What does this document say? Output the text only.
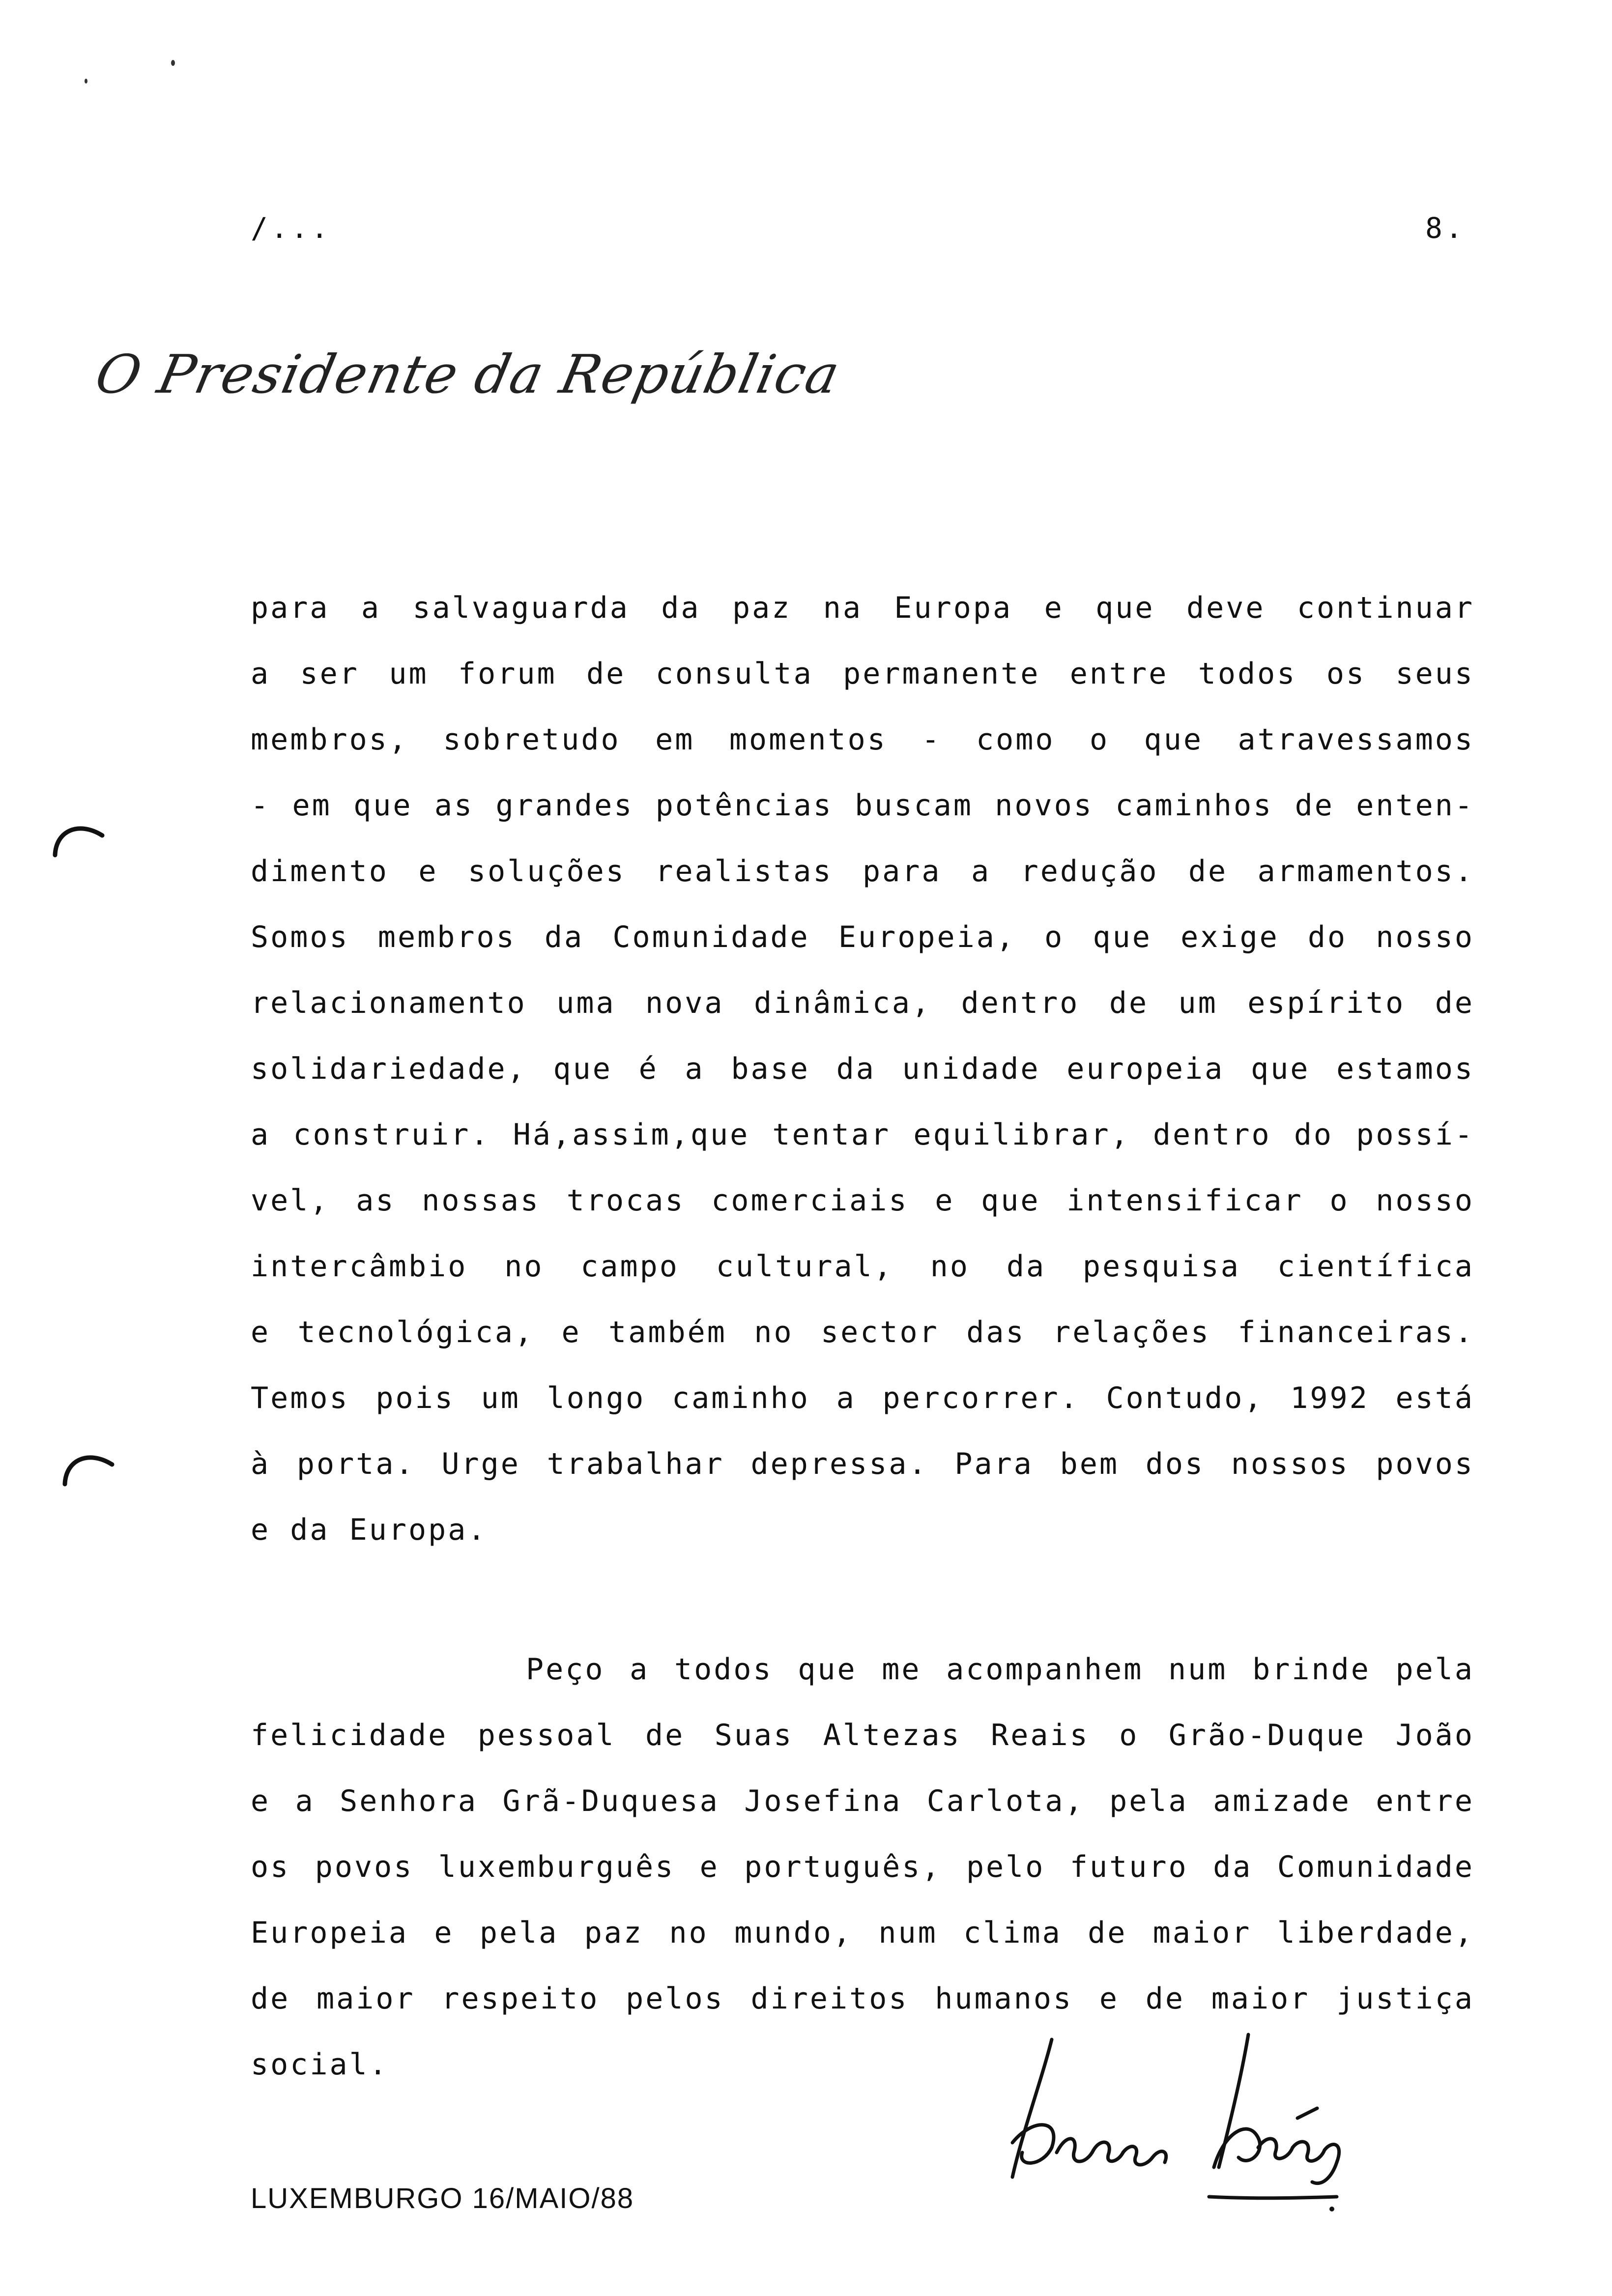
/...	8.
O Presidente da República
para a salvaguarda da paz na Europa e que deve continuar
a ser um forum de consulta permanente entre todos os seus
membros, sobretudo em momentos - como o que atravessamos
- em que as grandes potências buscam novos caminhos de enten-
dimento e soluções realistas para a redução de armamentos.
Somos membros da Comunidade Europeia, o que exige do nosso
relacionamento uma nova dinâmica, dentro de um espírito de
solidariedade, que é a base da unidade europeia que estamos
a construir. Há,assim,que tentar equilibrar, dentro do possí-
vel, as nossas trocas comerciais e que intensificar o nosso
intercâmbio no campo cultural, no da pesquisa científica
e tecnológica, e também no sector das relações financeiras.
Temos pois um longo caminho a percorrer. Contudo, 1992 está
à porta. Urge trabalhar depressa. Para bem dos nossos povos
e da Europa.
Peço a todos que me acompanhem num brinde pela
felicidade pessoal de Suas Altezas Reais o Grão-Duque João
e a Senhora Grã-Duquesa Josefina Carlota, pela amizade entre
os povos luxemburguês e português, pelo futuro da Comunidade
Europeia e pela paz no mundo, num clima de maior liberdade,
de maior respeito pelos direitos humanos e de maior justiça
social.
LUXEMBURGO 16/MAIO/88
